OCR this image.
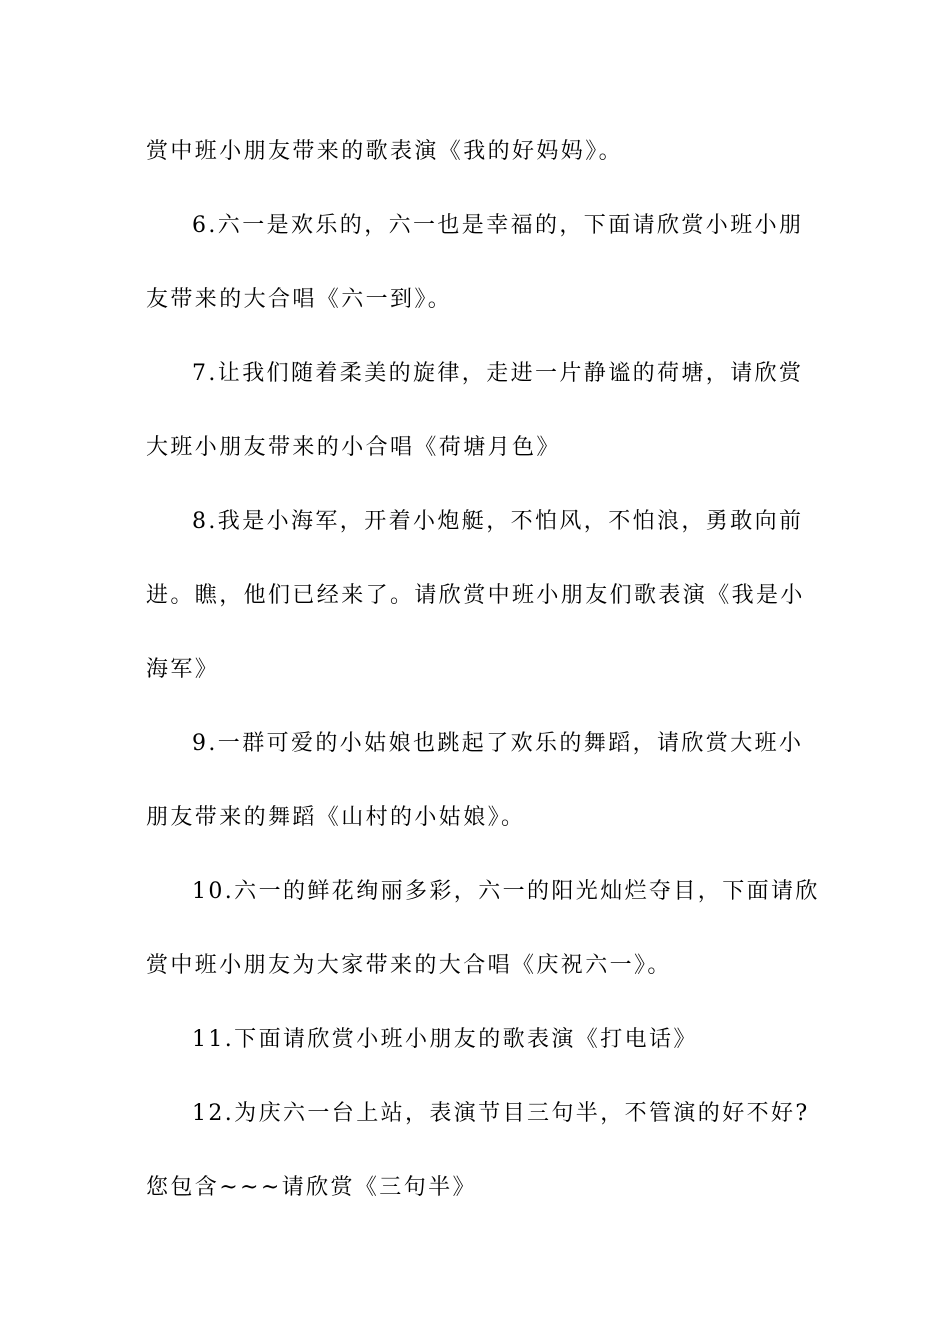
赏中班小朋友带来的歌表演《我的好妈妈》。
6.六一是欢乐的，六一也是幸福的，下面请欣赏小班小朋
友带来的大合唱《六一到》。
7.让我们随着柔美的旋律，走进一片静谧的荷塘，请欣赏
大班小朋友带来的小合唱《荷塘月色》
8.我是小海军，开着小炮艇，不怕风，不怕浪，勇敢向前
进。瞧，他们已经来了。请欣赏中班小朋友们歌表演《我是小
海军》
9.一群可爱的小姑娘也跳起了欢乐的舞蹈，请欣赏大班小
朋友带来的舞蹈《山村的小姑娘》。
10.六一的鲜花绚丽多彩，六一的阳光灿烂夺目，下面请欣
赏中班小朋友为大家带来的大合唱《庆祝六一》。
11.下面请欣赏小班小朋友的歌表演《打电话》
12.为庆六一台上站，表演节目三句半，不管演的好不好?
您包含~~~请欣赏《三句半》
